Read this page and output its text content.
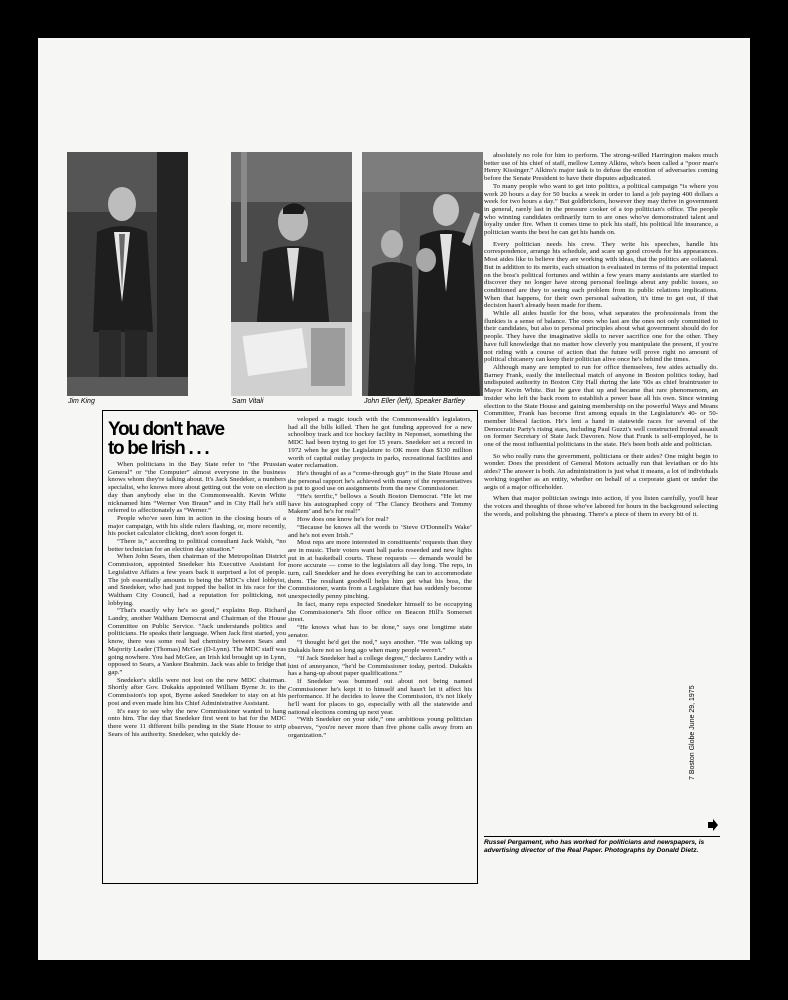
Jim King	Sam Vitali	John Eller (left), Speaker Bartley
You don't have to be Irish . . .

When politicians in the Bay State refer to “the Prussian General” or “the Computer” almost everyone in the business knows whom they're talking about. It's Jack Snedeker, a numbers specialist, who knows more about getting out the vote on election day than anybody else in the Commonwealth. Kevin White nicknamed him “Werner Von Braun” and in City Hall he's still referred to affectionately as “Werner.”

People who've seen him in action in the closing hours of a major campaign, with his slide rulers flashing, or, more recently, his pocket calculator clicking, don't soon forget it.

“There is,” according to political consultant Jack Walsh, “no better technician for an election day situation.”

When John Sears, then chairman of the Metropolitan District Commission, appointed Snedeker his Executive Assistant for Legislative Affairs a few years back it surprised a lot of people. The job essentially amounts to being the MDC's chief lobbyist, and Snedeker, who had just topped the ballot in his race for the Waltham City Council, had a reputation for politicking, not lobbying.

“That's exactly why he's so good,” explains Rep. Richard Landry, another Waltham Democrat and Chairman of the House Committee on Public Service. “Jack understands politics and politicians. He speaks their language. When Jack first started, you know, there was some real bad chemistry between Sears and Majority Leader (Thomas) McGee (D-Lynn). The MDC staff was going nowhere. You had McGee, an Irish kid brought up in Lynn, opposed to Sears, a Yankee Brahmin. Jack was able to bridge that gap.”

Snedeker's skills were not lost on the new MDC chairman. Shortly after Gov. Dukakis appointed William Byrne Jr. to the Commission's top spot, Byrne asked Snedeker to stay on at his post and even made him his Chief Administrative Assistant.

It's easy to see why the new Commissioner wanted to hang onto him. The day that Snedeker first went to bat for the MDC there were 11 different bills pending in the State House to strip Sears of his authority. Snedeker, who quickly de-

veloped a magic touch with the Commonwealth's legislators, had all the bills killed. Then he got funding approved for a new schoolboy track and ice hockey facility in Neponset, something the MDC had been trying to get for 15 years. Snedeker set a record in 1972 when he got the Legislature to OK more than $130 million worth of capital outlay projects in parks, recreational facilities and water reclamation.

He's thought of as a “come-through guy” in the State House and the personal rapport he's achieved with many of the representatives is put to good use on assignments from the new Commissioner.

“He's terrific,” bellows a South Boston Democrat. “He let me have his autographed copy of ‘The Clancy Brothers and Tommy Makem’ and he's for real!”

How does one know he's for real?

“Because he knows all the words to ‘Steve O'Donnell's Wake’ and he's not even Irish.”

Most reps are more interested in constituents' requests than they are in music. Their voters want ball parks reseeded and new lights put in at basketball courts. These requests — demands would be more accurate — come to the legislators all day long. The reps, in turn, call Snedeker and he does everything he can to accommodate them. The resultant goodwill helps him get what his boss, the Commissioner, wants from a Legislature that has suddenly become unexpectedly penny pinching.

In fact, many reps expected Snedeker himself to be occupying the Commissioner's 5th floor office on Beacon Hill's Somerset street.

“He knows what has to be done,” says one longtime state senator.

“I thought he'd get the nod,” says another. “He was talking up Dukakis here not so long ago when many people weren't.”

“If Jack Snedeker had a college degree,” declares Landry with a hint of annoyance, “he'd be Commissioner today, period. Dukakis has a hang-up about paper qualifications.”

If Snedeker was bummed out about not being named Commissioner he's kept it to himself and hasn't let it affect his performance. If he decides to leave the Commission, it's not likely he'll want for places to go, especially with all the statewide and national elections coming up next year.

“With Snedeker on your side,” one ambitious young politician observes, “you're never more than five phone calls away from an organization.”

absolutely no role for him to perform. The strong-willed Harrington makes much better use of his chief of staff, mellow Lenny Alkins, who's been called a “poor man's Henry Kissinger.” Alkins's major task is to defuse the emotion of adversaries coming before the Senate President to have their disputes adjudicated.

To many people who want to get into politics, a political campaign “is where you work 20 hours a day for 50 bucks a week in order to land a job paying 400 dollars a week for two hours a day.” But goldbrickers, however they may thrive in government in general, rarely last in the pressure cooker of a top politician's office. The people who winning candidates ordinarily turn to are ones who've demonstrated talent and loyalty under fire. When it comes time to pick his staff, his political life insurance, a politician wants the best he can get his hands on.

Every politician needs his crew. They write his speeches, handle his correspondence, arrange his schedule, and scare up good crowds for his appearances. Most aides like to believe they are working with ideas, that the politics are collateral. But in addition to its merits, each situation is evaluated in terms of its potential impact on the boss's political fortunes and within a few years many assistants are startled to discover they no longer have strong personal feelings about any public issues, so conditioned are they to seeing each problem from its public relations implications. When that happens, for their own personal salvation, it's time to get out, if that decision hasn't already been made for them.

While all aides hustle for the boss, what separates the professionals from the flunkies is a sense of balance. The ones who last are the ones not only committed to their candidates, but also to personal principles about what government should do for people. They have the imaginative skills to never sacrifice one for the other. They have full knowledge that no matter how cleverly you manipulate the present, if you're not riding with a course of action that the future will prove right no amount of political chicanery can keep their politician alive once he's behind the times.

Although many are tempted to run for office themselves, few aides actually do. Barney Frank, easily the intellectual match of anyone in Boston politics today, had undisputed authority in Boston City Hall during the late '60s as chief braintruster to Mayor Kevin White. But he gave that up and became that rare phenomenom, an insider who left the back room to establish a power base all his own. Since winning election to the State House and gaining membership on the powerful Ways and Means Committee, Frank has become first among equals in the Legislature's 40- or 50-member liberal faction. He's lent a hand in statewide races for several of the Democratic Party's rising stars, including Paul Guzzi's well constructed frontal assault on former Secretary of State Jack Davoren. Now that Frank is self-employed, he is one of the most influential politicians in the state. He's been both aide and politician.

So who really runs the government, politicians or their aides? One might begin to wonder. Does the president of General Motors actually run that leviathan or do his aides? The answer is both. An administration is just what it means, a lot of individuals working together as an entity, whether on behalf of a corporate giant or under the aegis of a major officeholder.

When that major politician swings into action, if you listen carefully, you'll hear the voices and thoughts of those who've labored for hours in the background selecting the words, and polishing the phrasing. There's a piece of them in every bit of it.

Russel Pergament, who has worked for politicians and newspapers, is advertising director of the Real Paper. Photographs by Donald Dietz.
7 Boston Globe June 29, 1975
